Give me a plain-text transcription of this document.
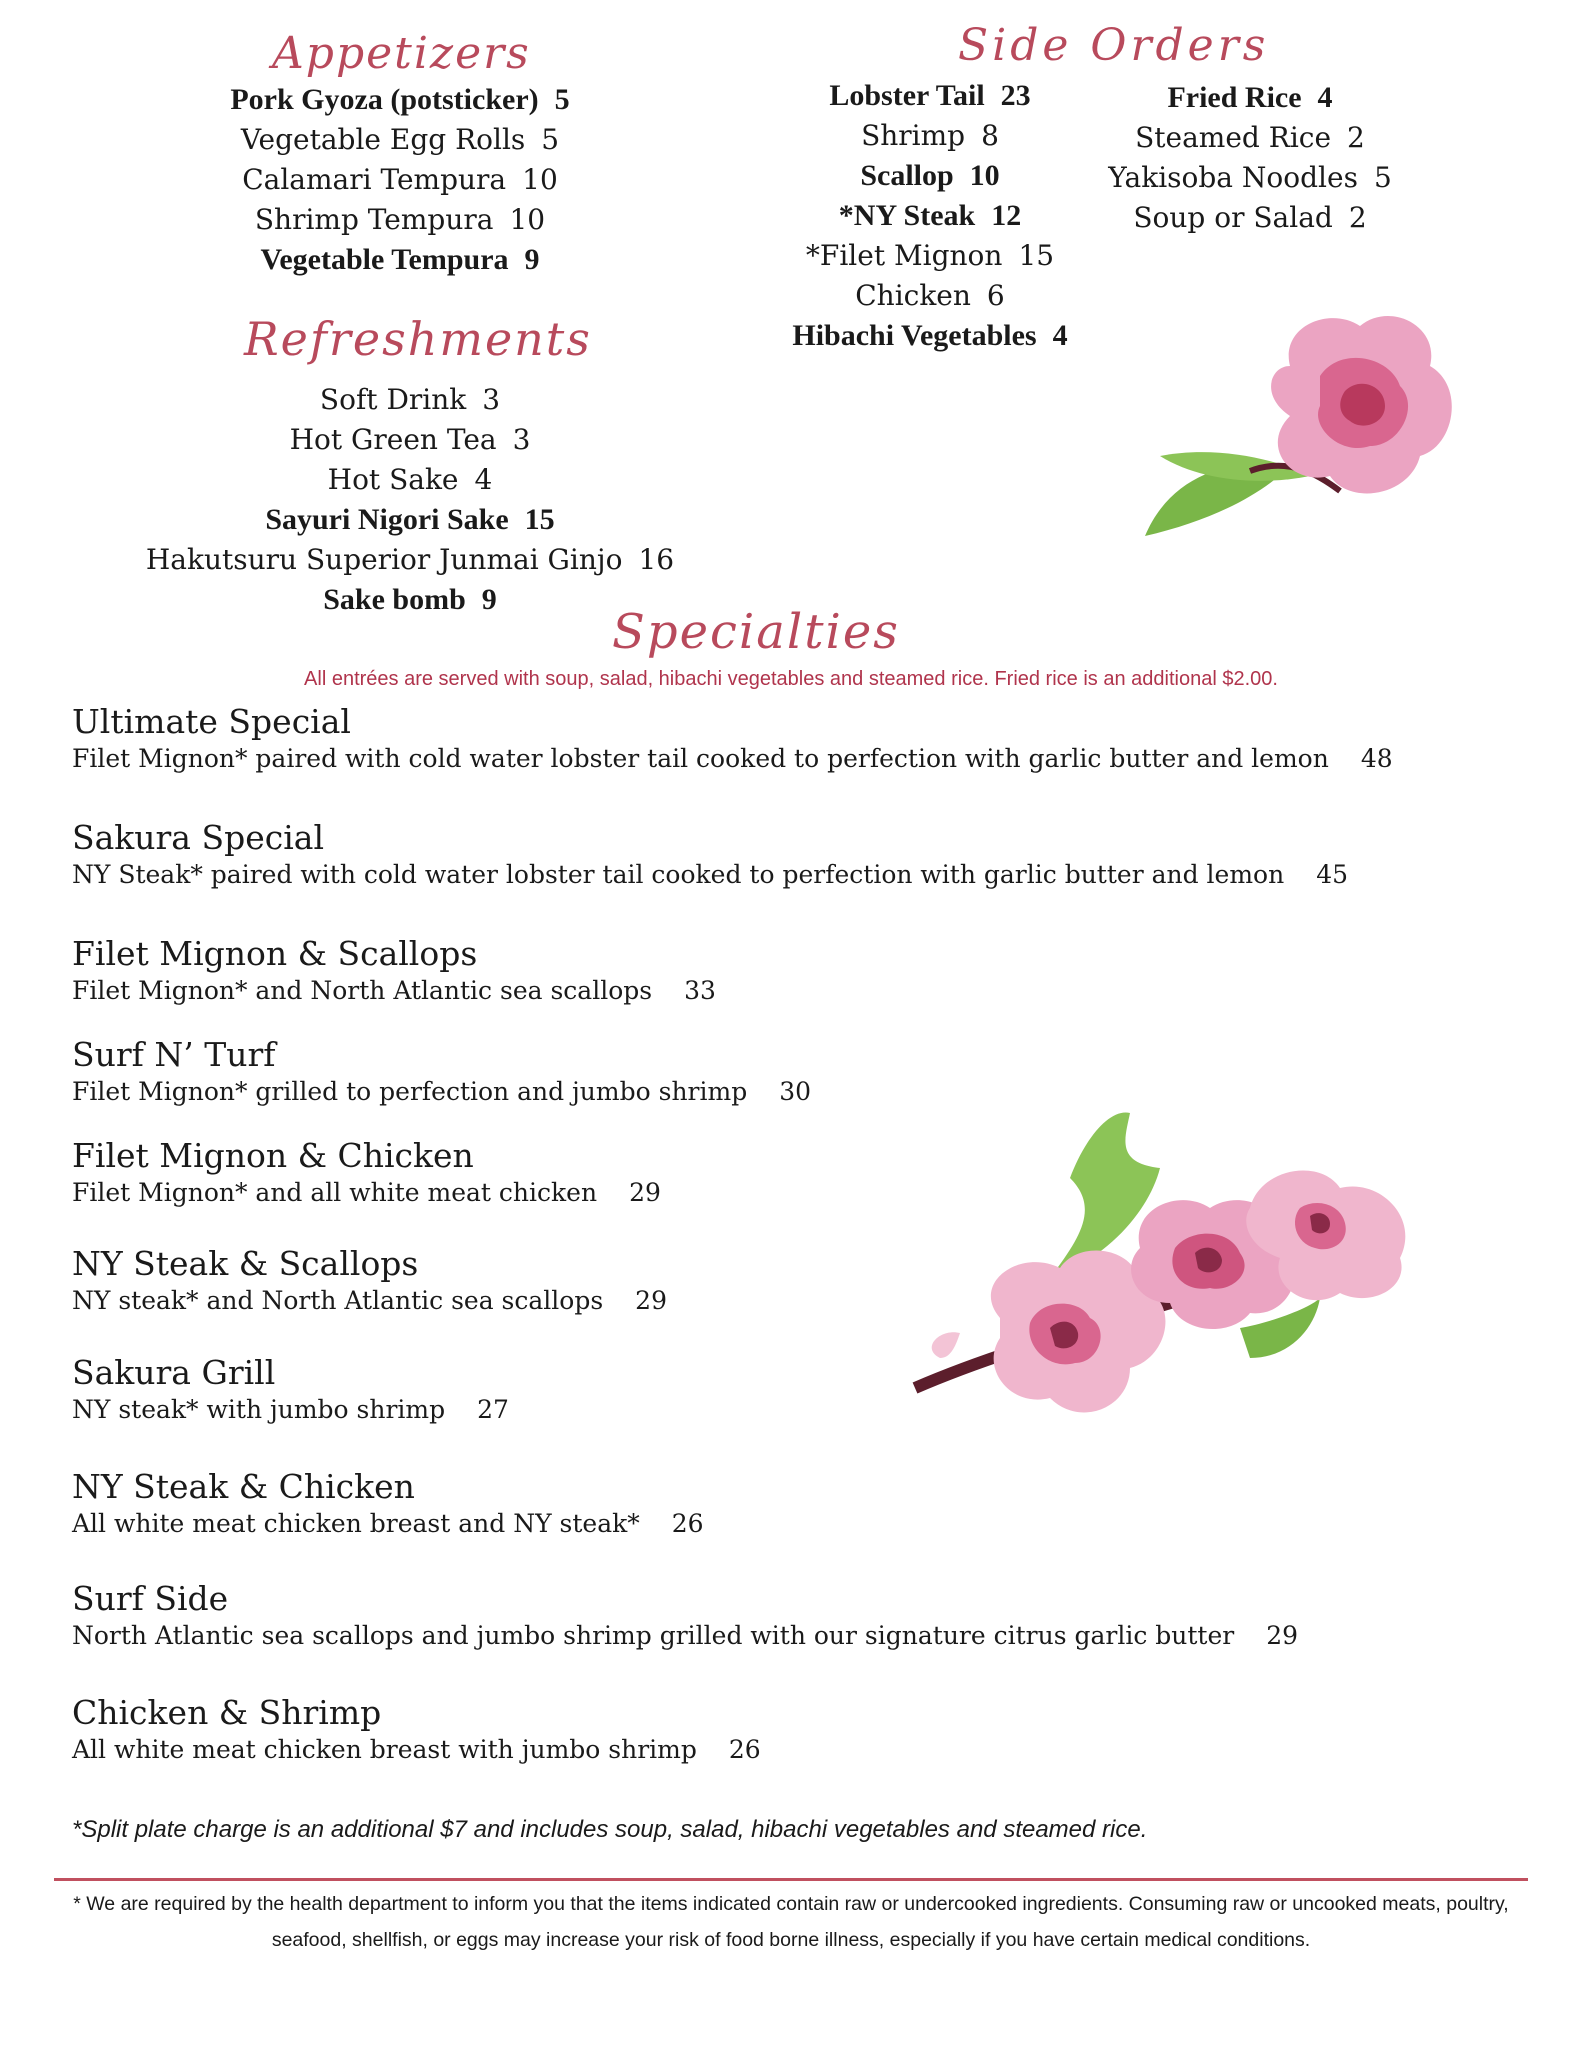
Appetizers
Pork Gyoza (potsticker) 5
Vegetable Egg Rolls 5
Calamari Tempura 10
Shrimp Tempura 10
Vegetable Tempura 9
Refreshments
Soft Drink 3
Hot Green Tea 3
Hot Sake 4
Sayuri Nigori Sake 15
Hakutsuru Superior Junmai Ginjo 16
Sake bomb 9
Side Orders
Lobster Tail 23
Shrimp 8
Scallop 10
*NY Steak 12
*Filet Mignon 15
Chicken 6
Hibachi Vegetables 4
Fried Rice 4
Steamed Rice 2
Yakisoba Noodles 5
Soup or Salad 2
Specialties
All entrées are served with soup, salad, hibachi vegetables and steamed rice. Fried rice is an additional $2.00.
Ultimate Special
Filet Mignon* paired with cold water lobster tail cooked to perfection with garlic butter and lemon 48
Sakura Special
NY Steak* paired with cold water lobster tail cooked to perfection with garlic butter and lemon 45
Filet Mignon & Scallops
Filet Mignon* and North Atlantic sea scallops 33
Surf N’ Turf
Filet Mignon* grilled to perfection and jumbo shrimp 30
Filet Mignon & Chicken
Filet Mignon* and all white meat chicken 29
NY Steak & Scallops
NY steak* and North Atlantic sea scallops 29
Sakura Grill
NY steak* with jumbo shrimp 27
NY Steak & Chicken
All white meat chicken breast and NY steak* 26
Surf Side
North Atlantic sea scallops and jumbo shrimp grilled with our signature citrus garlic butter 29
Chicken & Shrimp
All white meat chicken breast with jumbo shrimp 26
*Split plate charge is an additional $7 and includes soup, salad, hibachi vegetables and steamed rice.
* We are required by the health department to inform you that the items indicated contain raw or undercooked ingredients. Consuming raw or uncooked meats, poultry, seafood, shellfish, or eggs may increase your risk of food borne illness, especially if you have certain medical conditions.
